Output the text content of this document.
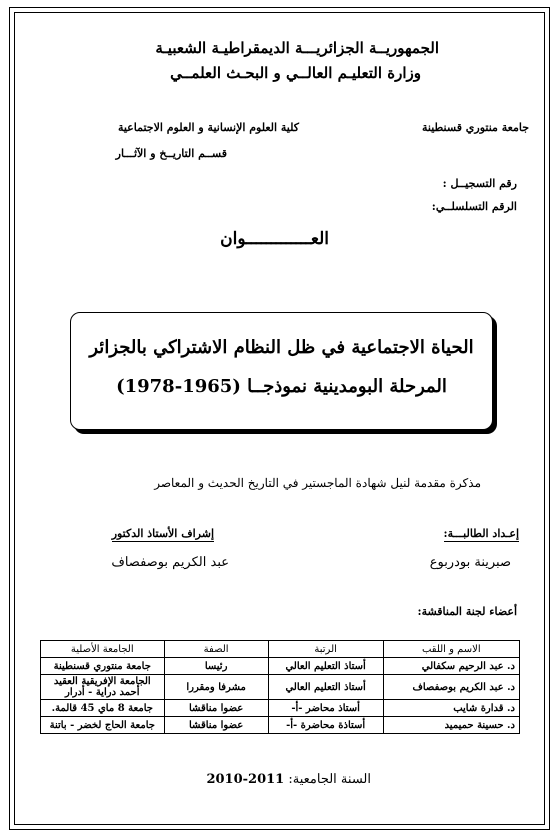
الجمهوريــة الجزائريـــة الديمقراطيـة الشعبيـة
وزارة التعليـم العالــي و البحـث العلمــي
جامعة منتوري قسنطينة
كلية العلوم الإنسانية و العلوم الاجتماعية
قســم التاريــخ و الآثـــار
رقم التسجيــل :
الرقم التسلسلــي:
العـــــــــــــوان
الحياة الاجتماعية في ظل النظام الاشتراكي بالجزائر
المرحلة البومدينية نموذجــا (1965-1978)
مذكرة مقدمة لنيل شهادة الماجستير في التاريخ الحديث و المعاصر
إعـداد الطالبـــة:
صبرينة بودربوع
إشراف الأستاذ الدكتور
عبد الكريم بوصفصاف
أعضاء لجنة المناقشة:
الاسم و اللقب	الرتبة	الصفة	الجامعة الأصلية
د. عبد الرحيم سكفالي	أستاذ التعليم العالي	رئيسا	جامعة منتوري قسنطينة
د. عبد الكريم بوصفصاف	أستاذ التعليم العالي	مشرفا ومقررا	الجامعة الإفريقية العقيد أحمد دراية - أدرار
د. قدارة شايب	أستاذ محاضر -أ-	عضوا مناقشا	جامعة 8 ماي 45 قالمة.
د. حسينة حميميد	أستاذة محاضرة -أ-	عضوا مناقشا	جامعة الحاج لخضر - باتنة
السنة الجامعية: 2010-2011
